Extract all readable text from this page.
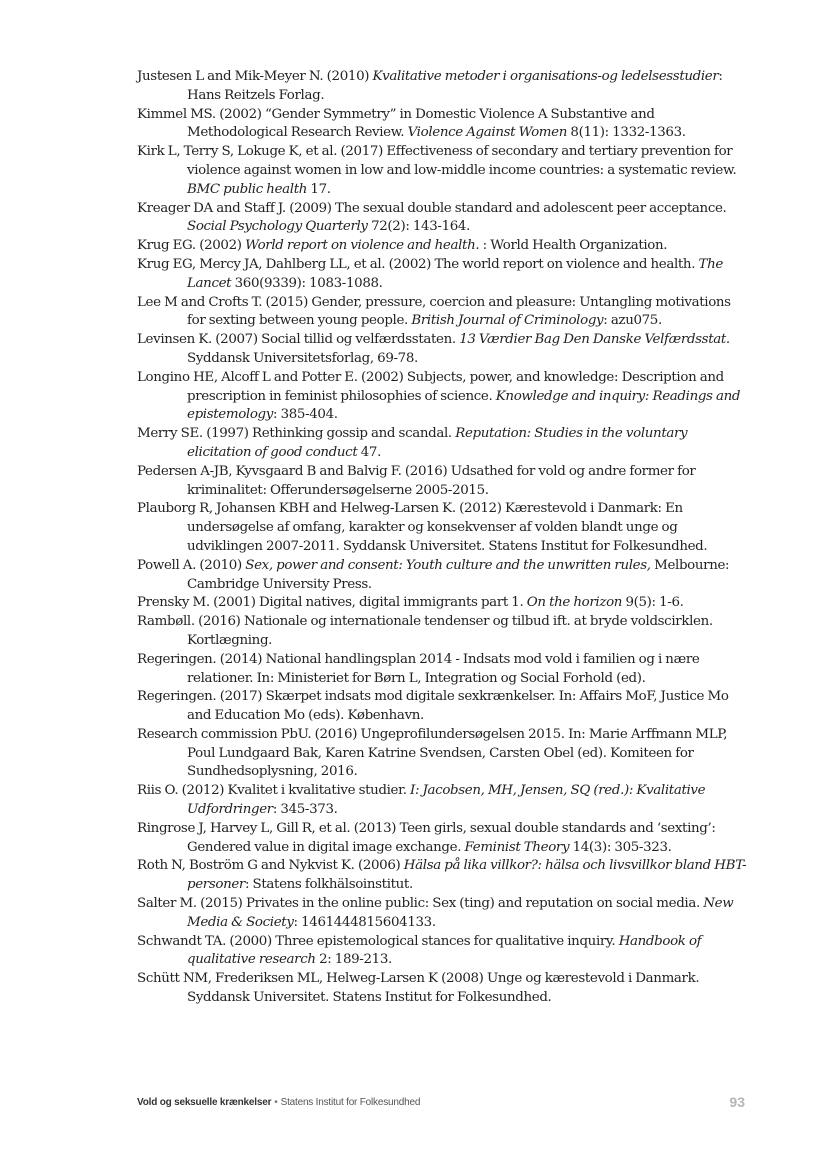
Justesen L and Mik-Meyer N. (2010) Kvalitative metoder i organisations-og ledelsesstudier: Hans Reitzels Forlag.

Kimmel MS. (2002) “Gender Symmetry” in Domestic Violence A Substantive and Methodological Research Review. Violence Against Women 8(11): 1332-1363.

Kirk L, Terry S, Lokuge K, et al. (2017) Effectiveness of secondary and tertiary prevention for violence against women in low and low-middle income countries: a systematic review. BMC public health 17.

Kreager DA and Staff J. (2009) The sexual double standard and adolescent peer acceptance. Social Psychology Quarterly 72(2): 143-164.

Krug EG. (2002) World report on violence and health. : World Health Organization.

Krug EG, Mercy JA, Dahlberg LL, et al. (2002) The world report on violence and health. The Lancet 360(9339): 1083-1088.

Lee M and Crofts T. (2015) Gender, pressure, coercion and pleasure: Untangling motivations for sexting between young people. British Journal of Criminology: azu075.

Levinsen K. (2007) Social tillid og velfærdsstaten. 13 Værdier Bag Den Danske Velfærdsstat. Syddansk Universitetsforlag, 69-78.

Longino HE, Alcoff L and Potter E. (2002) Subjects, power, and knowledge: Description and prescription in feminist philosophies of science. Knowledge and inquiry: Readings and epistemology: 385-404.

Merry SE. (1997) Rethinking gossip and scandal. Reputation: Studies in the voluntary elicitation of good conduct 47.

Pedersen A-JB, Kyvsgaard B and Balvig F. (2016) Udsathed for vold og andre former for kriminalitet: Offerundersøgelserne 2005-2015.

Plauborg R, Johansen KBH and Helweg-Larsen K. (2012) Kærestevold i Danmark: En undersøgelse af omfang, karakter og konsekvenser af volden blandt unge og udviklingen 2007-2011. Syddansk Universitet. Statens Institut for Folkesundhed.

Powell A. (2010) Sex, power and consent: Youth culture and the unwritten rules, Melbourne: Cambridge University Press.

Prensky M. (2001) Digital natives, digital immigrants part 1. On the horizon 9(5): 1-6.

Rambøll. (2016) Nationale og internationale tendenser og tilbud ift. at bryde voldscirklen. Kortlægning.

Regeringen. (2014) National handlingsplan 2014 - Indsats mod vold i familien og i nære relationer. In: Ministeriet for Børn L, Integration og Social Forhold (ed).

Regeringen. (2017) Skærpet indsats mod digitale sexkrænkelser. In: Affairs MoF, Justice Mo and Education Mo (eds). København.

Research commission PbU. (2016) Ungeprofilundersøgelsen 2015. In: Marie Arffmann MLP, Poul Lundgaard Bak, Karen Katrine Svendsen, Carsten Obel (ed). Komiteen for Sundhedsoplysning, 2016.

Riis O. (2012) Kvalitet i kvalitative studier. I: Jacobsen, MH, Jensen, SQ (red.): Kvalitative Udfordringer: 345-373.

Ringrose J, Harvey L, Gill R, et al. (2013) Teen girls, sexual double standards and ‘sexting’: Gendered value in digital image exchange. Feminist Theory 14(3): 305-323.

Roth N, Boström G and Nykvist K. (2006) Hälsa på lika villkor?: hälsa och livsvillkor bland HBT-personer: Statens folkhälsoinstitut.

Salter M. (2015) Privates in the online public: Sex (ting) and reputation on social media. New Media & Society: 1461444815604133.

Schwandt TA. (2000) Three epistemological stances for qualitative inquiry. Handbook of qualitative research 2: 189-213.

Schütt NM, Frederiksen ML, Helweg-Larsen K (2008) Unge og kærestevold i Danmark. Syddansk Universitet. Statens Institut for Folkesundhed.

Vold og seksuelle krænkelser • Statens Institut for Folkesundhed	93
